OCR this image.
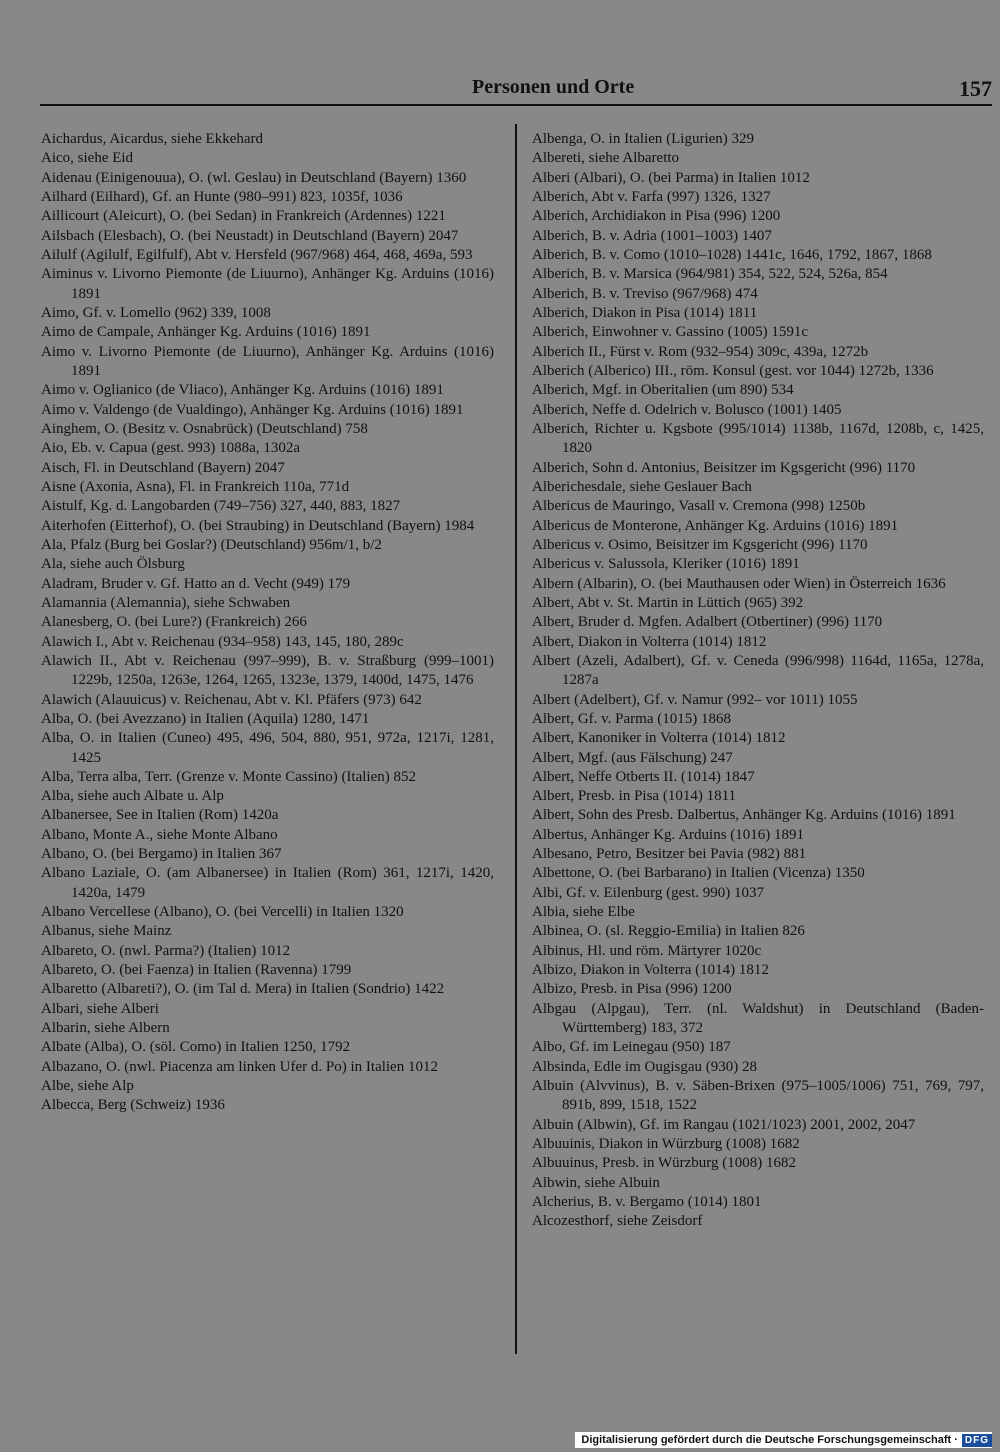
Personen und Orte	157
Aichardus, Aicardus, siehe Ekkehard
Aico, siehe Eid
Aidenau (Einigenouua), O. (wl. Geslau) in Deutschland (Bayern) 1360
Ailhard (Eilhard), Gf. an Hunte (980–991) 823, 1035f, 1036
Aillicourt (Aleicurt), O. (bei Sedan) in Frankreich (Ardennes) 1221
Ailsbach (Elesbach), O. (bei Neustadt) in Deutschland (Bayern) 2047
Ailulf (Agilulf, Egilfulf), Abt v. Hersfeld (967/968) 464, 468, 469a, 593
Aiminus v. Livorno Piemonte (de Liuurno), Anhänger Kg. Arduins (1016) 1891
Aimo, Gf. v. Lomello (962) 339, 1008
Aimo de Campale, Anhänger Kg. Arduins (1016) 1891
Aimo v. Livorno Piemonte (de Liuurno), Anhänger Kg. Arduins (1016) 1891
Aimo v. Oglianico (de Vliaco), Anhänger Kg. Arduins (1016) 1891
Aimo v. Valdengo (de Vualdingo), Anhänger Kg. Arduins (1016) 1891
Ainghem, O. (Besitz v. Osnabrück) (Deutschland) 758
Aio, Eb. v. Capua (gest. 993) 1088a, 1302a
Aisch, Fl. in Deutschland (Bayern) 2047
Aisne (Axonia, Asna), Fl. in Frankreich 110a, 771d
Aistulf, Kg. d. Langobarden (749–756) 327, 440, 883, 1827
Aiterhofen (Eitterhof), O. (bei Straubing) in Deutschland (Bayern) 1984
Ala, Pfalz (Burg bei Goslar?) (Deutschland) 956m/1, b/2
Ala, siehe auch Ölsburg
Aladram, Bruder v. Gf. Hatto an d. Vecht (949) 179
Alamannia (Alemannia), siehe Schwaben
Alanesberg, O. (bei Lure?) (Frankreich) 266
Alawich I., Abt v. Reichenau (934–958) 143, 145, 180, 289c
Alawich II., Abt v. Reichenau (997–999), B. v. Straßburg (999–1001) 1229b, 1250a, 1263e, 1264, 1265, 1323e, 1379, 1400d, 1475, 1476
Alawich (Alauuicus) v. Reichenau, Abt v. Kl. Pfäfers (973) 642
Alba, O. (bei Avezzano) in Italien (Aquila) 1280, 1471
Alba, O. in Italien (Cuneo) 495, 496, 504, 880, 951, 972a, 1217i, 1281, 1425
Alba, Terra alba, Terr. (Grenze v. Monte Cassino) (Italien) 852
Alba, siehe auch Albate u. Alp
Albanersee, See in Italien (Rom) 1420a
Albano, Monte A., siehe Monte Albano
Albano, O. (bei Bergamo) in Italien 367
Albano Laziale, O. (am Albanersee) in Italien (Rom) 361, 1217i, 1420, 1420a, 1479
Albano Vercellese (Albano), O. (bei Vercelli) in Italien 1320
Albanus, siehe Mainz
Albareto, O. (nwl. Parma?) (Italien) 1012
Albareto, O. (bei Faenza) in Italien (Ravenna) 1799
Albaretto (Albareti?), O. (im Tal d. Mera) in Italien (Sondrio) 1422
Albari, siehe Alberi
Albarin, siehe Albern
Albate (Alba), O. (söl. Como) in Italien 1250, 1792
Albazano, O. (nwl. Piacenza am linken Ufer d. Po) in Italien 1012
Albe, siehe Alp
Albecca, Berg (Schweiz) 1936
Albenga, O. in Italien (Ligurien) 329
Albereti, siehe Albaretto
Alberi (Albari), O. (bei Parma) in Italien 1012
Alberich, Abt v. Farfa (997) 1326, 1327
Alberich, Archidiakon in Pisa (996) 1200
Alberich, B. v. Adria (1001–1003) 1407
Alberich, B. v. Como (1010–1028) 1441c, 1646, 1792, 1867, 1868
Alberich, B. v. Marsica (964/981) 354, 522, 524, 526a, 854
Alberich, B. v. Treviso (967/968) 474
Alberich, Diakon in Pisa (1014) 1811
Alberich, Einwohner v. Gassino (1005) 1591c
Alberich II., Fürst v. Rom (932–954) 309c, 439a, 1272b
Alberich (Alberico) III., röm. Konsul (gest. vor 1044) 1272b, 1336
Alberich, Mgf. in Oberitalien (um 890) 534
Alberich, Neffe d. Odelrich v. Bolusco (1001) 1405
Alberich, Richter u. Kgsbote (995/1014) 1138b, 1167d, 1208b, c, 1425, 1820
Alberich, Sohn d. Antonius, Beisitzer im Kgsgericht (996) 1170
Alberichesdale, siehe Geslauer Bach
Albericus de Mauringo, Vasall v. Cremona (998) 1250b
Albericus de Monterone, Anhänger Kg. Arduins (1016) 1891
Albericus v. Osimo, Beisitzer im Kgsgericht (996) 1170
Albericus v. Salussola, Kleriker (1016) 1891
Albern (Albarin), O. (bei Mauthausen oder Wien) in Österreich 1636
Albert, Abt v. St. Martin in Lüttich (965) 392
Albert, Bruder d. Mgfen. Adalbert (Otbertiner) (996) 1170
Albert, Diakon in Volterra (1014) 1812
Albert (Azeli, Adalbert), Gf. v. Ceneda (996/998) 1164d, 1165a, 1278a, 1287a
Albert (Adelbert), Gf. v. Namur (992– vor 1011) 1055
Albert, Gf. v. Parma (1015) 1868
Albert, Kanoniker in Volterra (1014) 1812
Albert, Mgf. (aus Fälschung) 247
Albert, Neffe Otberts II. (1014) 1847
Albert, Presb. in Pisa (1014) 1811
Albert, Sohn des Presb. Dalbertus, Anhänger Kg. Arduins (1016) 1891
Albertus, Anhänger Kg. Arduins (1016) 1891
Albesano, Petro, Besitzer bei Pavia (982) 881
Albettone, O. (bei Barbarano) in Italien (Vicenza) 1350
Albi, Gf. v. Eilenburg (gest. 990) 1037
Albia, siehe Elbe
Albinea, O. (sl. Reggio-Emilia) in Italien 826
Albinus, Hl. und röm. Märtyrer 1020c
Albizo, Diakon in Volterra (1014) 1812
Albizo, Presb. in Pisa (996) 1200
Albgau (Alpgau), Terr. (nl. Waldshut) in Deutschland (Baden-Württemberg) 183, 372
Albo, Gf. im Leinegau (950) 187
Albsinda, Edle im Ougisgau (930) 28
Albuin (Alvvinus), B. v. Säben-Brixen (975–1005/1006) 751, 769, 797, 891b, 899, 1518, 1522
Albuin (Albwin), Gf. im Rangau (1021/1023) 2001, 2002, 2047
Albuuinis, Diakon in Würzburg (1008) 1682
Albuuinus, Presb. in Würzburg (1008) 1682
Albwin, siehe Albuin
Alcherius, B. v. Bergamo (1014) 1801
Alcozesthorf, siehe Zeisdorf
Digitalisierung gefördert durch die Deutsche Forschungsgemeinschaft · DFG
